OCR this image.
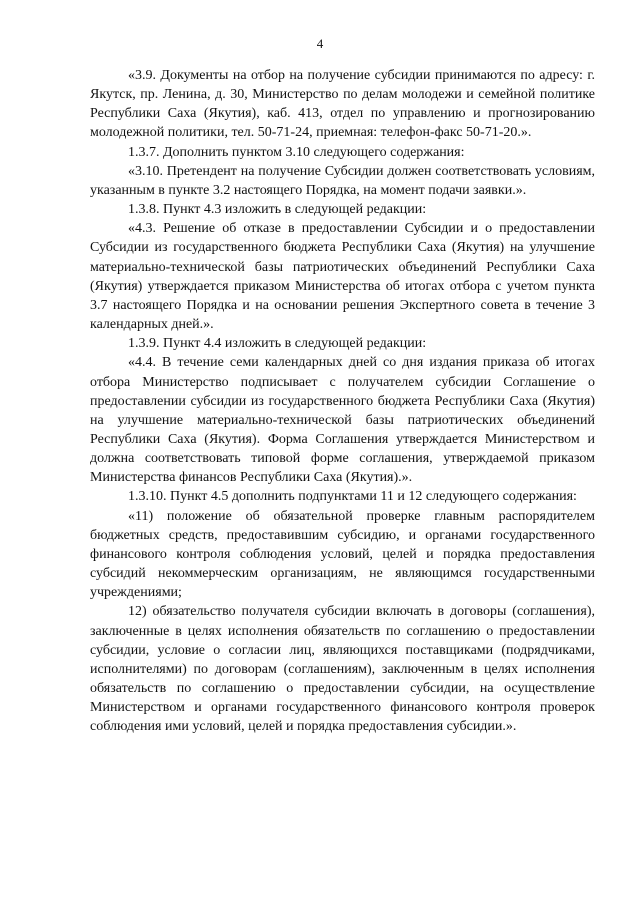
4

«3.9. Документы на отбор на получение субсидии принимаются по адресу: г. Якутск, пр. Ленина, д. 30, Министерство по делам молодежи и семейной политике Республики Саха (Якутия), каб. 413, отдел по управлению и прогнозированию молодежной политики, тел. 50-71-24, приемная: телефон-факс 50-71-20.».

1.3.7. Дополнить пунктом 3.10 следующего содержания:

«3.10. Претендент на получение Субсидии должен соответствовать условиям, указанным в пункте 3.2 настоящего Порядка, на момент подачи заявки.».

1.3.8. Пункт 4.3 изложить в следующей редакции:

«4.3. Решение об отказе в предоставлении Субсидии и о предоставлении Субсидии из государственного бюджета Республики Саха (Якутия) на улучшение материально-технической базы патриотических объединений Республики Саха (Якутия) утверждается приказом Министерства об итогах отбора с учетом пункта 3.7 настоящего Порядка и на основании решения Экспертного совета в течение 3 календарных дней.».

1.3.9. Пункт 4.4 изложить в следующей редакции:

«4.4. В течение семи календарных дней со дня издания приказа об итогах отбора Министерство подписывает с получателем субсидии Соглашение о предоставлении субсидии из государственного бюджета Республики Саха (Якутия) на улучшение материально-технической базы патриотических объединений Республики Саха (Якутия). Форма Соглашения утверждается Министерством и должна соответствовать типовой форме соглашения, утверждаемой приказом Министерства финансов Республики Саха (Якутия).».

1.3.10. Пункт 4.5 дополнить подпунктами 11 и 12 следующего содержания:

«11) положение об обязательной проверке главным распорядителем бюджетных средств, предоставившим субсидию, и органами государственного финансового контроля соблюдения условий, целей и порядка предоставления субсидий некоммерческим организациям, не являющимся государственными учреждениями;

12) обязательство получателя субсидии включать в договоры (соглашения), заключенные в целях исполнения обязательств по соглашению о предоставлении субсидии, условие о согласии лиц, являющихся поставщиками (подрядчиками, исполнителями) по договорам (соглашениям), заключенным в целях исполнения обязательств по соглашению о предоставлении субсидии, на осуществление Министерством и органами государственного финансового контроля проверок соблюдения ими условий, целей и порядка предоставления субсидии.».
